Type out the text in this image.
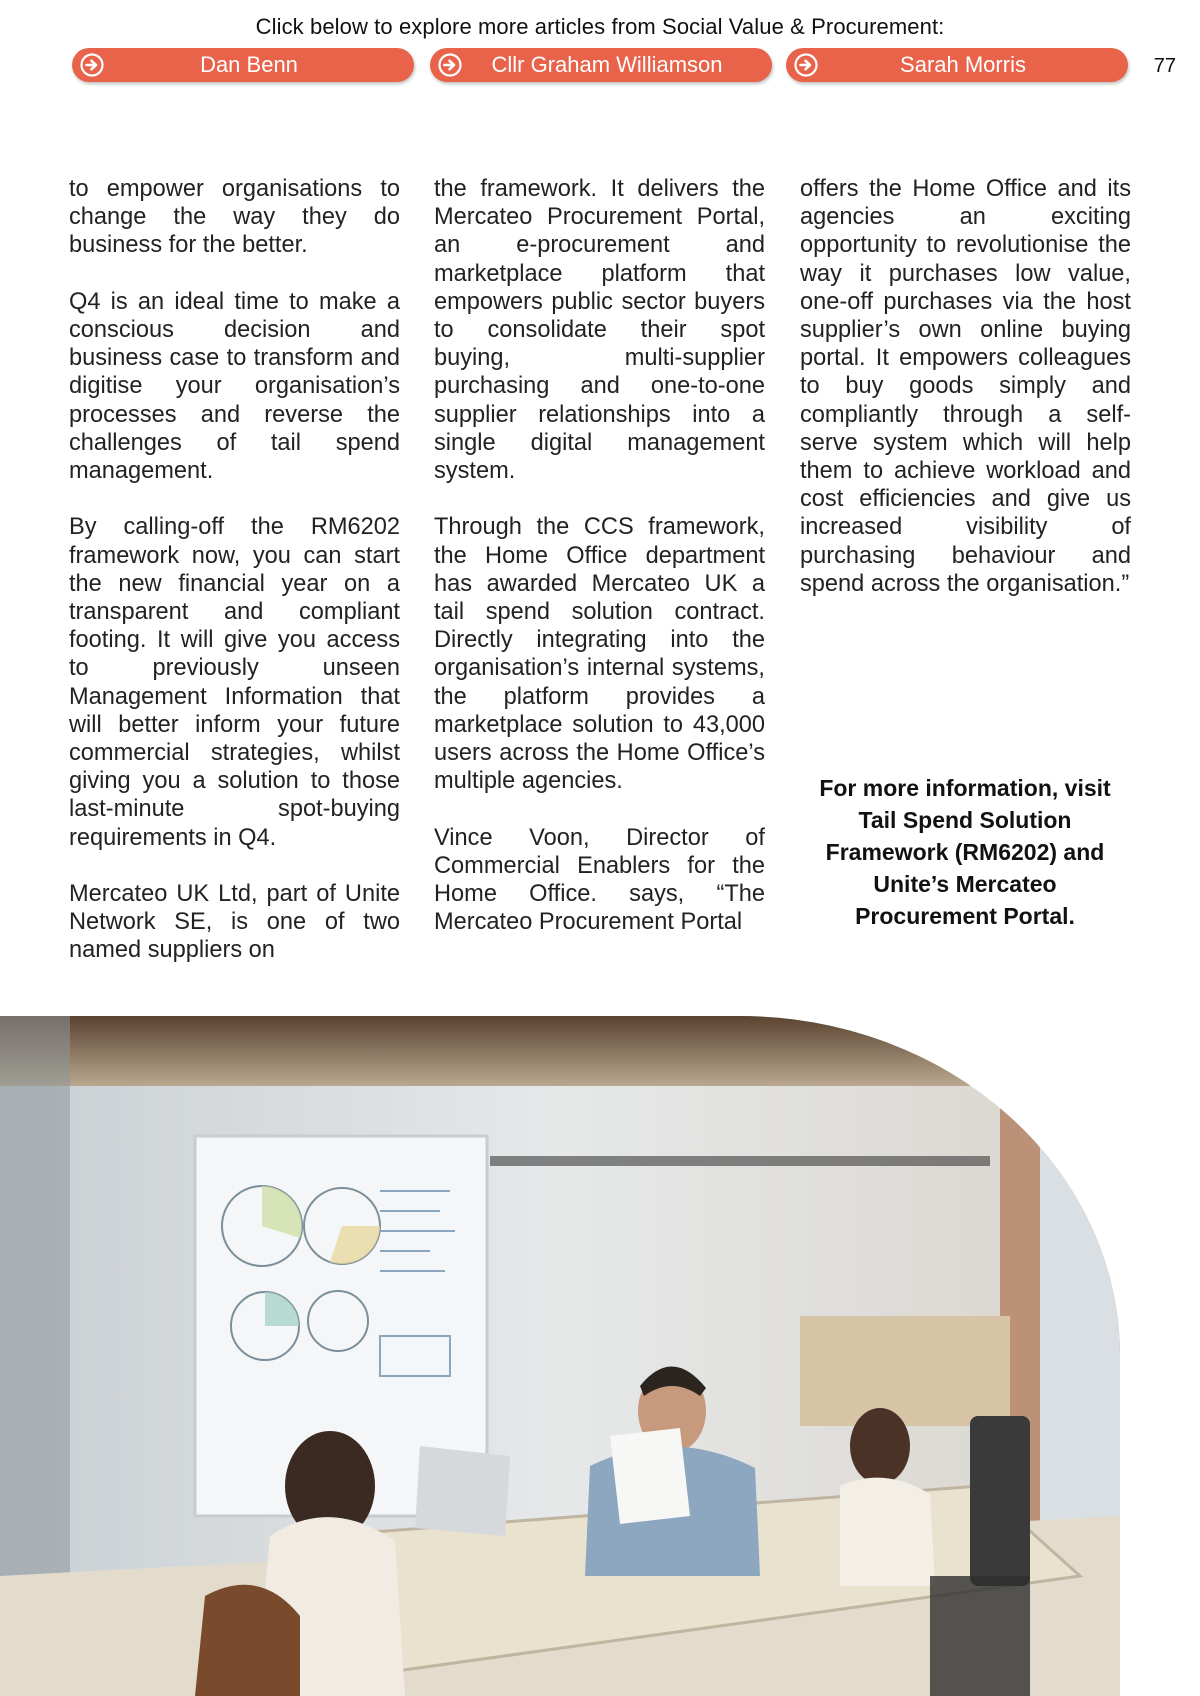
Click below to explore more articles from Social Value & Procurement:
Dan Benn	Cllr Graham Williamson	Sarah Morris	77

to empower organisations to change the way they do business for the better.

Q4 is an ideal time to make a conscious decision and business case to transform and digitise your organisation’s processes and reverse the challenges of tail spend management.

By calling-off the RM6202 framework now, you can start the new financial year on a transparent and compliant footing. It will give you access to previously unseen Management Information that will better inform your future commercial strategies, whilst giving you a solution to those last-minute spot-buying requirements in Q4.

Mercateo UK Ltd, part of Unite Network SE, is one of two named suppliers on

the framework. It delivers the Mercateo Procurement Portal, an e-procurement and marketplace platform that empowers public sector buyers to consolidate their spot buying, multi-supplier purchasing and one-to-one supplier relationships into a single digital management system.

Through the CCS framework, the Home Office department has awarded Mercateo UK a tail spend solution contract. Directly integrating into the organisation’s internal systems, the platform provides a marketplace solution to 43,000 users across the Home Office’s multiple agencies.

Vince Voon, Director of Commercial Enablers for the Home Office. says, “The Mercateo Procurement Portal

offers the Home Office and its agencies an exciting opportunity to revolutionise the way it purchases low value, one-off purchases via the host supplier’s own online buying portal. It empowers colleagues to buy goods simply and compliantly through a self-serve system which will help them to achieve workload and cost efficiencies and give us increased visibility of purchasing behaviour and spend across the organisation.”

For more information, visit Tail Spend Solution Framework (RM6202) and Unite’s Mercateo Procurement Portal.
